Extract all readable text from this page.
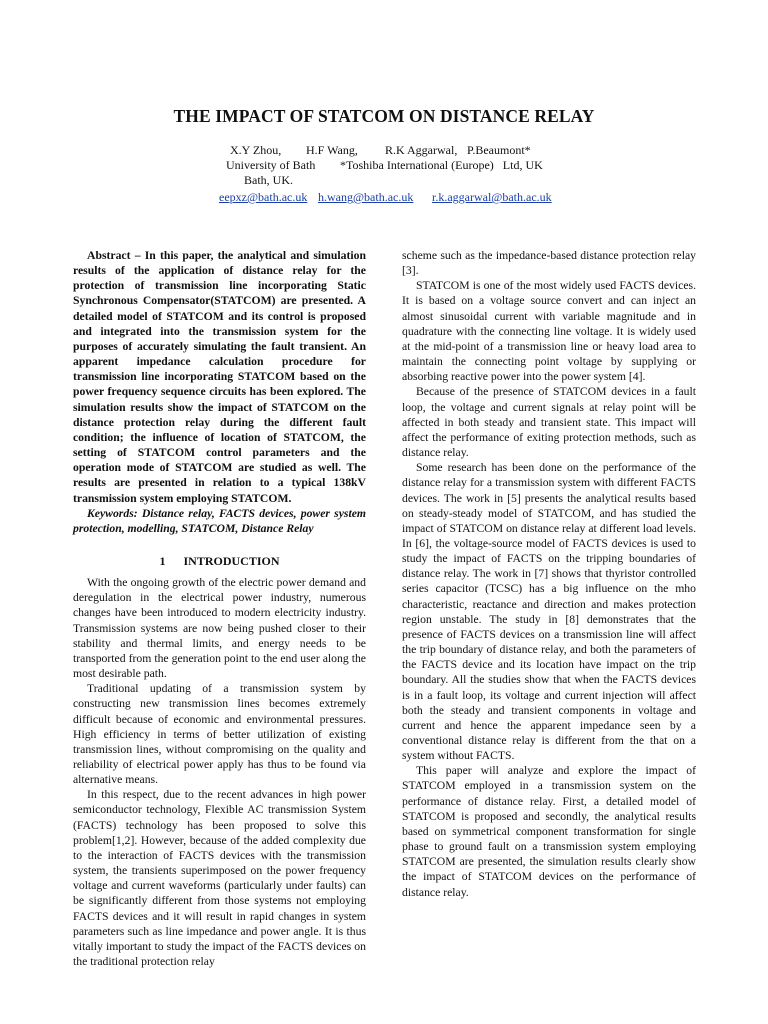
THE IMPACT OF STATCOM ON DISTANCE RELAY
X.Y Zhou, H.F Wang, R.K Aggarwal, P.Beaumont*
University of Bath *Toshiba International (Europe)   Ltd, UK
Bath, UK.
eepxz@bath.ac.uk h.wang@bath.ac.uk r.k.aggarwal@bath.ac.uk

Abstract – In this paper, the analytical and simulation results of the application of distance relay for the protection of transmission line incorporating Static Synchronous Compensator(STATCOM) are presented. A detailed model of STATCOM and its control is proposed and integrated into the transmission system for the purposes of accurately simulating the fault transient. An apparent impedance calculation procedure for transmission line incorporating STATCOM based on the power frequency sequence circuits has been explored. The simulation results show the impact of STATCOM on the distance protection relay during the different fault condition; the influence of location of STATCOM, the setting of STATCOM control parameters and the operation mode of STATCOM are studied as well. The results are presented in relation to a typical 138kV transmission system employing STATCOM.

Keywords: Distance relay, FACTS devices, power system protection, modelling, STATCOM, Distance Relay

1 INTRODUCTION

With the ongoing growth of the electric power demand and deregulation in the electrical power industry, numerous changes have been introduced to modern electricity industry. Transmission systems are now being pushed closer to their stability and thermal limits, and energy needs to be transported from the generation point to the end user along the most desirable path.

Traditional updating of a transmission system by constructing new transmission lines becomes extremely difficult because of economic and environmental pressures. High efficiency in terms of better utilization of existing transmission lines, without compromising on the quality and reliability of electrical power apply has thus to be found via alternative means.

In this respect, due to the recent advances in high power semiconductor technology, Flexible AC transmission System (FACTS) technology has been proposed to solve this problem[1,2]. However, because of the added complexity due to the interaction of FACTS devices with the transmission system, the transients superimposed on the power frequency voltage and current waveforms (particularly under faults) can be significantly different from those systems not employing FACTS devices and it will result in rapid changes in system parameters such as line impedance and power angle. It is thus vitally important to study the impact of the FACTS devices on the traditional protection relay

scheme such as the impedance-based distance protection relay [3].

STATCOM is one of the most widely used FACTS devices. It is based on a voltage source convert and can inject an almost sinusoidal current with variable magnitude and in quadrature with the connecting line voltage. It is widely used at the mid-point of a transmission line or heavy load area to maintain the connecting point voltage by supplying or absorbing reactive power into the power system [4].

Because of the presence of STATCOM devices in a fault loop, the voltage and current signals at relay point will be affected in both steady and transient state. This impact will affect the performance of exiting protection methods, such as distance relay.

Some research has been done on the performance of the distance relay for a transmission system with different FACTS devices. The work in [5] presents the analytical results based on steady-steady model of STATCOM, and has studied the impact of STATCOM on distance relay at different load levels. In [6], the voltage-source model of FACTS devices is used to study the impact of FACTS on the tripping boundaries of distance relay. The work in [7] shows that thyristor controlled series capacitor (TCSC) has a big influence on the mho characteristic, reactance and direction and makes protection region unstable. The study in [8] demonstrates that the presence of FACTS devices on a transmission line will affect the trip boundary of distance relay, and both the parameters of the FACTS device and its location have impact on the trip boundary. All the studies show that when the FACTS devices is in a fault loop, its voltage and current injection will affect both the steady and transient components in voltage and current and hence the apparent impedance seen by a conventional distance relay is different from the that on a system without FACTS.

This paper will analyze and explore the impact of STATCOM employed in a transmission system on the performance of distance relay. First, a detailed model of STATCOM is proposed and secondly, the analytical results based on symmetrical component transformation for single phase to ground fault on a transmission system employing STATCOM are presented, the simulation results clearly show the impact of STATCOM devices on the performance of distance relay.
